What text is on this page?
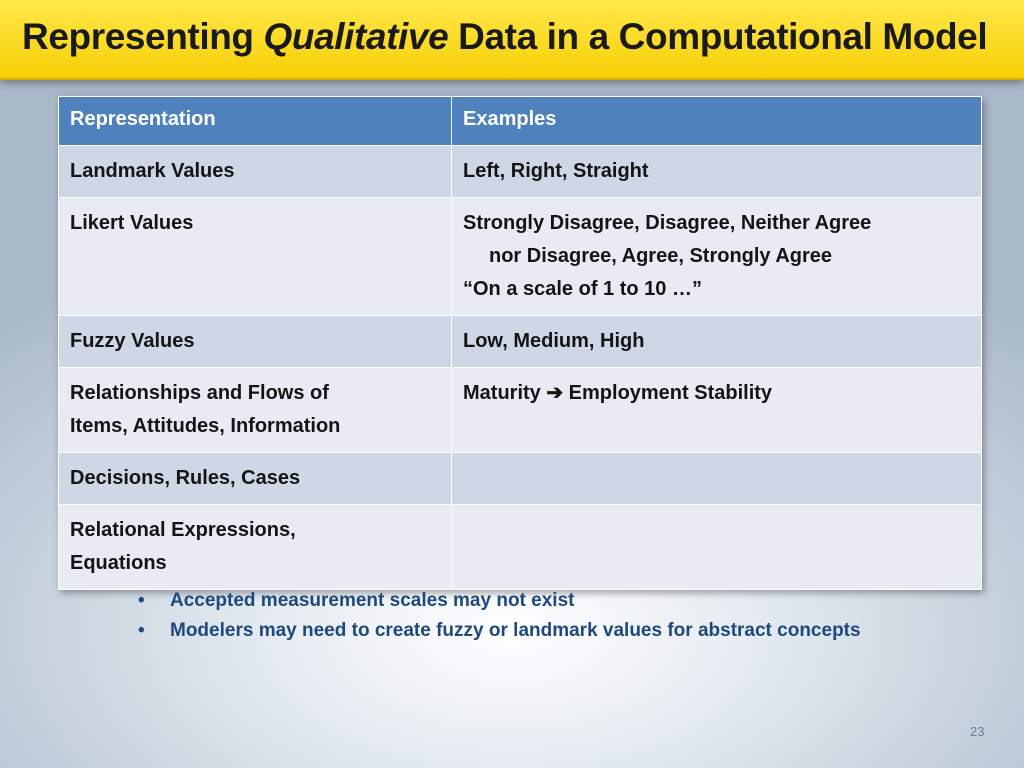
Representing Qualitative Data in a Computational Model
Representation	Examples
Landmark Values	Left, Right, Straight
Likert Values	Strongly Disagree, Disagree, Neither Agree
nor Disagree, Agree, Strongly Agree
“On a scale of 1 to 10 …”

Fuzzy Values	Low, Medium, High

Relationships and Flows of
Items, Attitudes, Information	Maturity ➔ Employment Stability
Decisions, Rules, Cases	

Relational Expressions,
Equations	

• Accepted measurement scales may not exist
• Modelers may need to create fuzzy or landmark values for abstract concepts
23
